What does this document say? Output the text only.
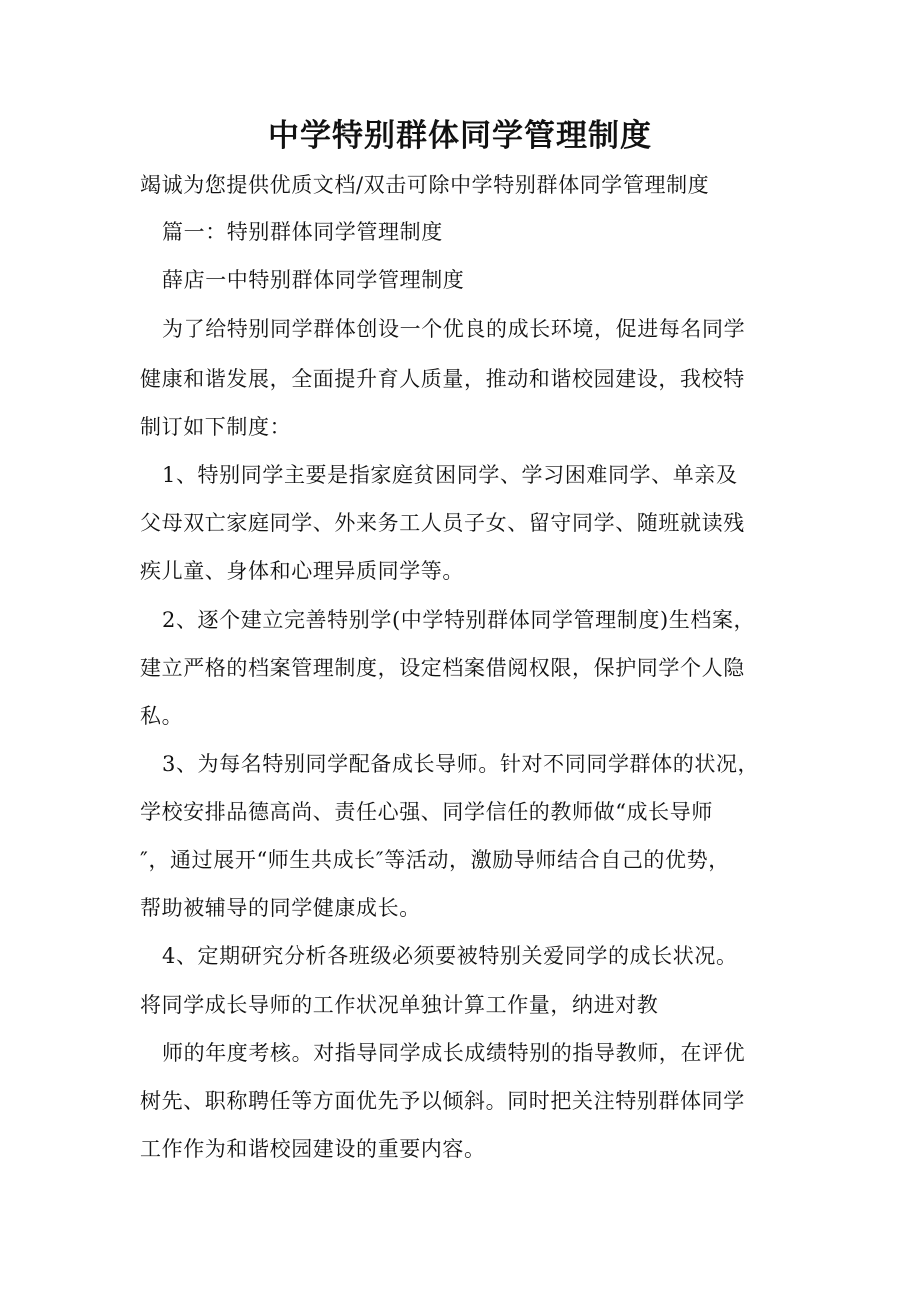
中学特别群体同学管理制度

竭诚为您提供优质文档/双击可除中学特别群体同学管理制度

篇一：特别群体同学管理制度

薛店一中特别群体同学管理制度

为了给特别同学群体创设一个优良的成长环境，促进每名同学

健康和谐发展，全面提升育人质量，推动和谐校园建设，我校特

制订如下制度：

1、特别同学主要是指家庭贫困同学、学习困难同学、单亲及

父母双亡家庭同学、外来务工人员子女、留守同学、随班就读残

疾儿童、身体和心理异质同学等。

2、逐个建立完善特别学(中学特别群体同学管理制度)生档案，

建立严格的档案管理制度，设定档案借阅权限，保护同学个人隐

私。

3、为每名特别同学配备成长导师。针对不同同学群体的状况，

学校安排品德高尚、责任心强、同学信任的教师做“成长导师

″，通过展开“师生共成长″等活动，激励导师结合自己的优势，

帮助被辅导的同学健康成长。

4、定期研究分析各班级必须要被特别关爱同学的成长状况。

将同学成长导师的工作状况单独计算工作量，纳进对教

师的年度考核。对指导同学成长成绩特别的指导教师，在评优

树先、职称聘任等方面优先予以倾斜。同时把关注特别群体同学

工作作为和谐校园建设的重要内容。
